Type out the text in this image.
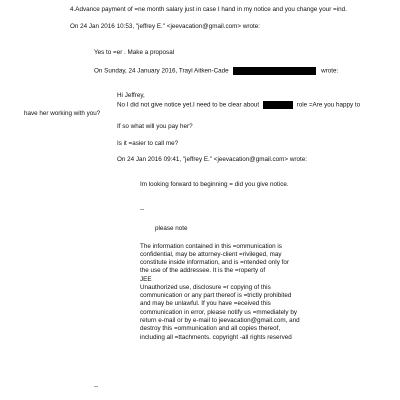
4.Advance payment of =ne month salary just in case I hand in my notice and you change your =ind.
On 24 Jan 2016 10:53, "jeffrey E." <jeevacation@gmail.com> wrote:
Yes to =er . Make a proposal
On Sunday, 24 January 2016, Trayl Aitken-Cade	wrote:
Hi Jeffrey,
No I did not give notice yet.I need to be clear about	role =Are you happy to
have her working with you?
If so what will you pay her?
Is it =asier to call me?
On 24 Jan 2016 09:41, "jeffrey E." <jeevacation@gmail.com> wrote:
Im looking forward to beginning = did you give notice.
--
please note
The information contained in this =ommunication is
confidential, may be attorney-client =rivileged, may
constitute inside information, and is =ntended only for
the use of the addressee. It is the =roperty of
JEE
Unauthorized use, disclosure =r copying of this
communication or any part thereof is =trictly prohibited
and may be unlawful. If you have =eceived this
communication in error, please notify us =mmediately by
return e-mail or by e-mail to jeevacation@gmail.com, and
destroy this =ommunication and all copies thereof,
including all =ttachments. copyright -all rights reserved
--
